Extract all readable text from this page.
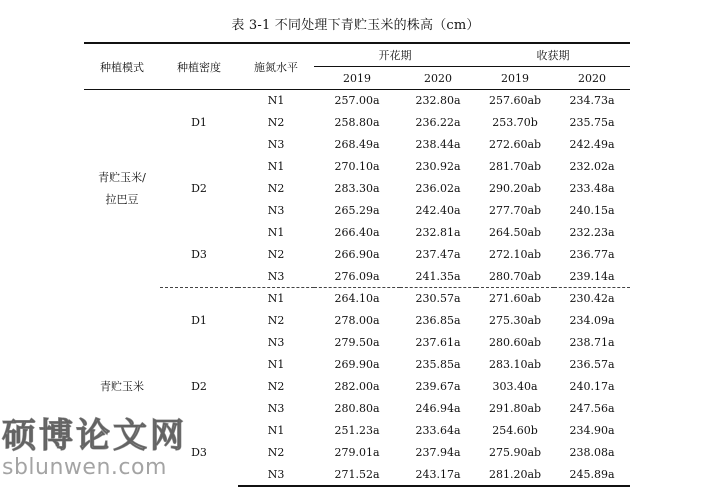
表 3-1 不同处理下青贮玉米的株高（cm）
种植模式	种植密度	施氮水平	开花期		收获期	
			2019	2020	2019	2020
青贮玉米/
拉巴豆	D1	N1	257.00a	232.80a	257.60ab	234.73a
		N2	258.80a	236.22a	253.70b	235.75a
		N3	268.49a	238.44a	272.60ab	242.49a
	D2	N1	270.10a	230.92a	281.70ab	232.02a
		N2	283.30a	236.02a	290.20ab	233.48a
		N3	265.29a	242.40a	277.70ab	240.15a
	D3	N1	266.40a	232.81a	264.50ab	232.23a
		N2	266.90a	237.47a	272.10ab	236.77a
		N3	276.09a	241.35a	280.70ab	239.14a
青贮玉米	D1	N1	264.10a	230.57a	271.60ab	230.42a
		N2	278.00a	236.85a	275.30ab	234.09a
		N3	279.50a	237.61a	280.60ab	238.71a
	D2	N1	269.90a	235.85a	283.10ab	236.57a
		N2	282.00a	239.67a	303.40a	240.17a
		N3	280.80a	246.94a	291.80ab	247.56a
	D3	N1	251.23a	233.64a	254.60b	234.90a
		N2	279.01a	237.94a	275.90ab	238.08a
		N3	271.52a	243.17a	281.20ab	245.89a
硕博论文网
sblunwen.com
